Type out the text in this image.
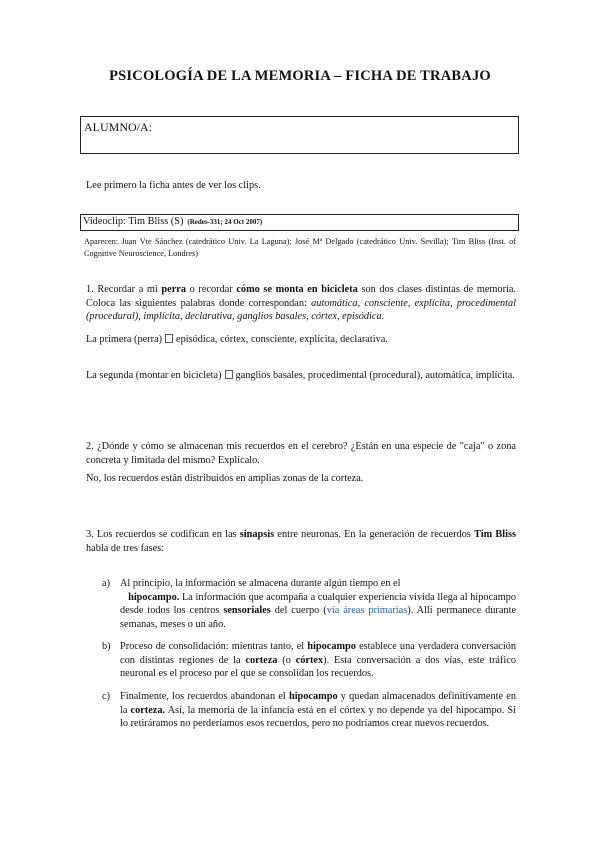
PSICOLOGÍA DE LA MEMORIA – FICHA DE TRABAJO
ALUMNO/A:
Lee primero la ficha antes de ver los clips.
Videoclip: Tim Bliss (S) (Redes-331; 24 Oct 2007)
Aparecen: Juan Vte Sánchez (catedrático Univ. La Laguna); José Mª Delgado (catedrático Univ. Sevilla); Tim Bliss (Inst. of Cognitive Neuroscience, Londres)
1. Recordar a mi perra o recordar cómo se monta en bicicleta son dos clases distintas de memoria. Coloca las siguientes palabras donde correspondan: automática, consciente, explícita, procedimental (procedural), implícita, declarativa, ganglios basales, córtex, episódica.
La primera (perra) episódica, córtex, consciente, explícita, declarativa.
La segunda (montar en bicicleta) ganglios basales, procedimental (procedural), automática, implícita.
2. ¿Dónde y cómo se almacenan mis recuerdos en el cerebro? ¿Están en una especie de "caja" o zona concreta y limitada del mismo? Explícalo.
No, los recuerdos están distribuidos en amplias zonas de la corteza.
3. Los recuerdos se codifican en las sinapsis entre neuronas. En la generación de recuerdos Tim Bliss habla de tres fases:
a) Al principio, la información se almacena durante algún tiempo en el
hipocampo. La información que acompaña a cualquier experiencia vivida llega al hipocampo desde todos los centros sensoriales del cuerpo (vía áreas primarias). Allí permanece durante semanas, meses o un año.
b) Proceso de consolidación: mientras tanto, el hipocampo establece una verdadera conversación con distintas regiones de la corteza (o córtex). Esta conversación a dos vías, este tráfico neuronal es el proceso por el que se consolidan los recuerdos.
c) Finalmente, los recuerdos abandonan el hipocampo y quedan almacenados definitivamente en la corteza. Así, la memoria de la infancia está en el córtex y no depende ya del hipocampo. Si lo retiráramos no perderíamos esos recuerdos, pero no podríamos crear nuevos recuerdos.
